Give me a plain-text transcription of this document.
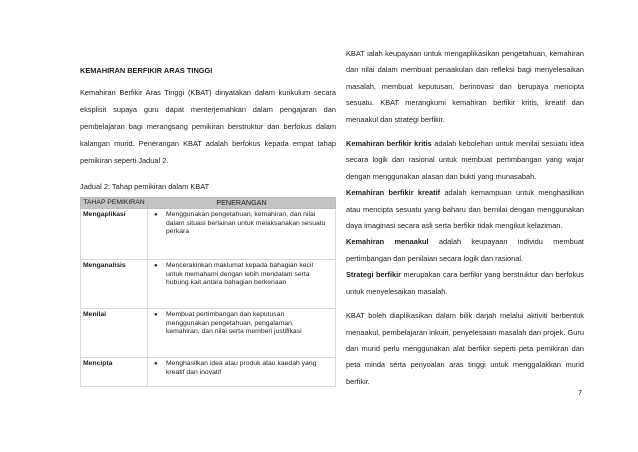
KEMAHIRAN BERFIKIR ARAS TINGGI

Kemahiran Berfikir Aras Tinggi (KBAT) dinyatakan dalam kurikulum secara eksplisit supaya guru dapat menterjemahkan dalam pengajaran dan pembelajaran bagi merangsang pemikiran berstruktur dan berfokus dalam kalangan murid. Penerangan KBAT adalah berfokus kepada empat tahap pemikiran seperti Jadual 2.

Jadual 2: Tahap pemikiran dalam KBAT
TAHAP PEMIKIRAN	PENERANGAN
Mengaplikasi	● Menggunakan pengetahuan, kemahiran, dan nilai dalam situasi berlainan untuk melaksanakan sesuatu perkara

Menganalisis	● Mencerakinkan maklumat kepada bahagian kecil untuk memahami dengan lebih mendalam serta hubung kait antara bahagian berkenaan

Menilai	● Membuat pertimbangan dan keputusan menggunakan pengetahuan, pengalaman, kemahiran, dan nilai serta memberi justifikasi

Mencipta	● Menghasilkan idea atau produk atau kaedah yang kreatif dan inovatif

KBAT ialah keupayaan untuk mengaplikasikan pengetahuan, kemahiran dan nilai dalam membuat penaakulan dan refleksi bagi menyelesaikan masalah, membuat keputusan, berinovasi dan berupaya mencipta sesuatu. KBAT merangkumi kemahiran berfikir kritis, kreatif dan menaakul dan strategi berfikir.

Kemahiran berfikir kritis adalah kebolehan untuk menilai sesuatu idea secara logik dan rasional untuk membuat pertimbangan yang wajar dengan menggunakan alasan dan bukti yang munasabah.

Kemahiran berfikir kreatif adalah kemampuan untuk menghasilkan atau mencipta sesuatu yang baharu dan bernilai dengan menggunakan daya imaginasi secara asli serta berfikir tidak mengikut kelaziman.

Kemahiran menaakul adalah keupayaan individu membuat pertimbangan dan penilaian secara logik dan rasional.

Strategi berfikir merupakan cara berfikir yang berstruktur dan berfokus untuk menyelesaikan masalah.

KBAT boleh diaplikasikan dalam bilik darjah melalui aktiviti berbentuk menaakul, pembelajaran inkuiri, penyelesaian masalah dan projek. Guru dan murid perlu menggunakan alat berfikir seperti peta pemikiran dan peta minda serta penyoalan aras tinggi untuk menggalakkan murid berfikir.

7
